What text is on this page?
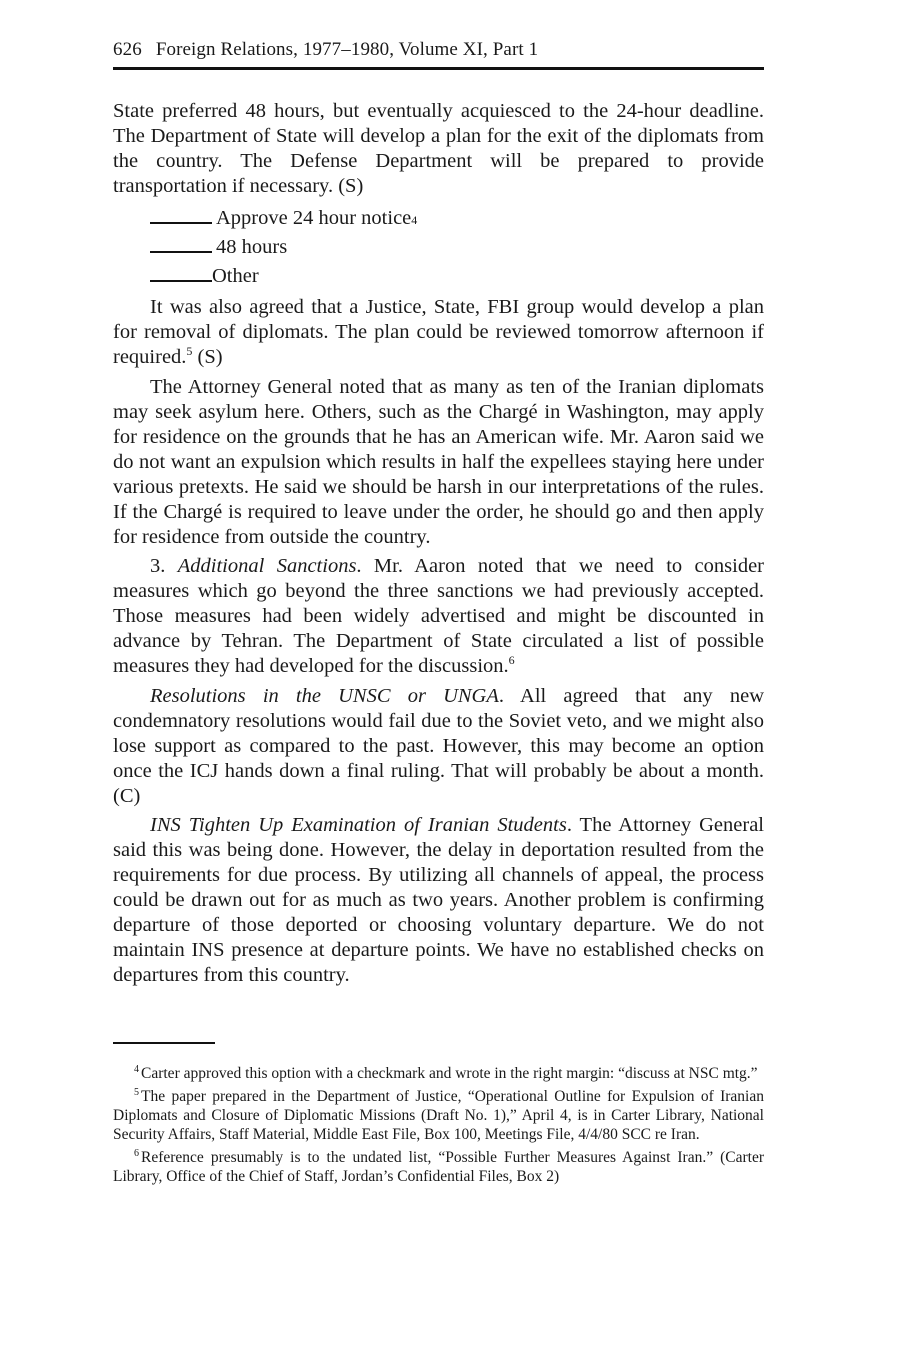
626 Foreign Relations, 1977–1980, Volume XI, Part 1

State preferred 48 hours, but eventually acquiesced to the 24-hour deadline. The Department of State will develop a plan for the exit of the diplomats from the country. The Defense Department will be prepared to provide transportation if necessary. (S)

Approve 24 hour notice 4
48 hours
Other

It was also agreed that a Justice, State, FBI group would develop a plan for removal of diplomats. The plan could be reviewed tomorrow afternoon if required.$^5$ (S)

The Attorney General noted that as many as ten of the Iranian diplomats may seek asylum here. Others, such as the Chargé in Washington, may apply for residence on the grounds that he has an American wife. Mr. Aaron said we do not want an expulsion which results in half the expellees staying here under various pretexts. He said we should be harsh in our interpretations of the rules. If the Chargé is required to leave under the order, he should go and then apply for residence from outside the country.

3. Additional Sanctions. Mr. Aaron noted that we need to consider measures which go beyond the three sanctions we had previously accepted. Those measures had been widely advertised and might be discounted in advance by Tehran. The Department of State circulated a list of possible measures they had developed for the discussion.$^6$

Resolutions in the UNSC or UNGA. All agreed that any new condemnatory resolutions would fail due to the Soviet veto, and we might also lose support as compared to the past. However, this may become an option once the ICJ hands down a final ruling. That will probably be about a month. (C)

INS Tighten Up Examination of Iranian Students. The Attorney General said this was being done. However, the delay in deportation resulted from the requirements for due process. By utilizing all channels of appeal, the process could be drawn out for as much as two years. Another problem is confirming departure of those deported or choosing voluntary departure. We do not maintain INS presence at departure points. We have no established checks on departures from this country.

$^4$ Carter approved this option with a checkmark and wrote in the right margin: “discuss at NSC mtg.”

$^5$ The paper prepared in the Department of Justice, “Operational Outline for Expulsion of Iranian Diplomats and Closure of Diplomatic Missions (Draft No. 1),” April 4, is in Carter Library, National Security Affairs, Staff Material, Middle East File, Box 100, Meetings File, 4/4/80 SCC re Iran.

$^6$ Reference presumably is to the undated list, “Possible Further Measures Against Iran.” (Carter Library, Office of the Chief of Staff, Jordan’s Confidential Files, Box 2)
